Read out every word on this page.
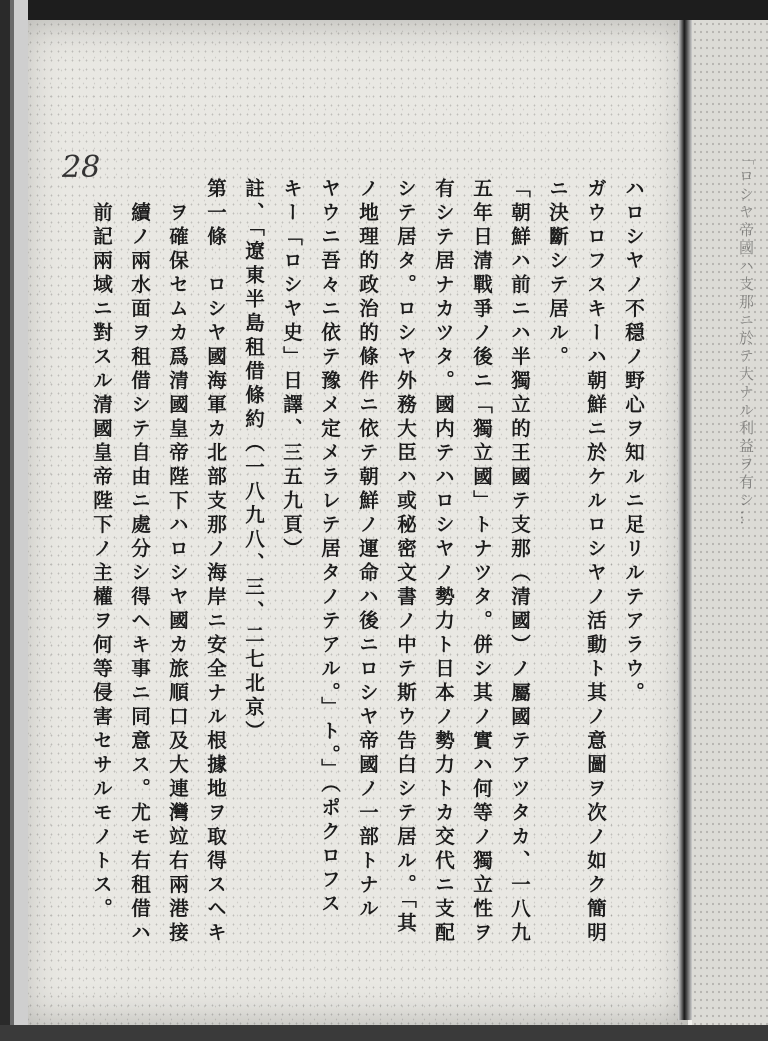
「ロシヤ帝國ハ支那ニ於テ大ナル利益ヲ有シ…
28
ハロシヤノ不穏ノ野心ヲ知ルニ足リルテアラウ。
ガウロフスキーハ朝鮮ニ於ケルロシヤノ活動ト其ノ意圖ヲ次ノ如ク簡明
ニ決斷シテ居ル。
「朝鮮ハ前ニハ半獨立的王國テ支那（清國）ノ屬國テアツタカ、一八九
五年日清戰爭ノ後ニ「獨立國」トナツタ。併シ其ノ實ハ何等ノ獨立性ヲ
有シテ居ナカツタ。國内テハロシヤノ勢力ト日本ノ勢力トカ交代ニ支配
シテ居タ。ロシヤ外務大臣ハ或秘密文書ノ中テ斯ウ告白シテ居ル。「其
ノ地理的政治的條件ニ依テ朝鮮ノ運命ハ後ニロシヤ帝國ノ一部トナル
ヤウニ吾々ニ依テ豫メ定メラレテ居タノテアル。」ト。」（ポクロフス
キー「ロシヤ史」日譯、三五九頁）
註、「遼東半島租借條約（一八九八、三、二七北京）
第一條　ロシヤ國海軍カ北部支那ノ海岸ニ安全ナル根據地ヲ取得スヘキ
ヲ確保セムカ爲清國皇帝陛下ハロシヤ國カ旅順口及大連灣竝右兩港接
續ノ兩水面ヲ租借シテ自由ニ處分シ得ヘキ事ニ同意ス。尤モ右租借ハ
前記兩域ニ對スル清國皇帝陛下ノ主權ヲ何等侵害セサルモノトス。
